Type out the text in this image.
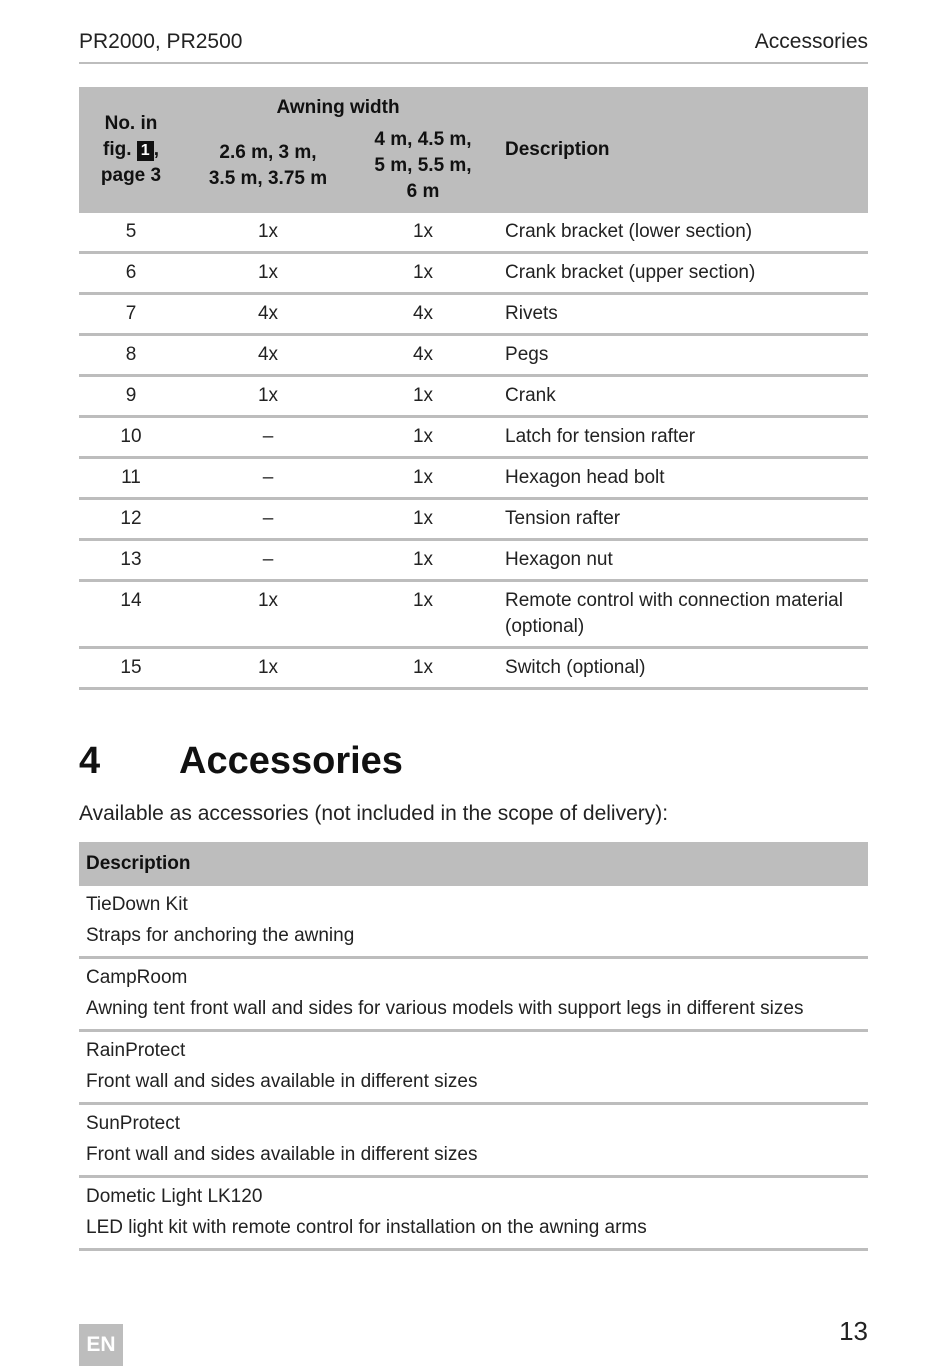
PR2000, PR2500	Accessories
No. in
fig. 1 ,
page 3	Awning width		Description
	2.6 m, 3 m, 3.5 m, 3.75 m	4 m, 4.5 m, 5 m, 5.5 m, 6 m	
5	1x	1x	Crank bracket (lower section)
6	1x	1x	Crank bracket (upper section)
7	4x	4x	Rivets
8	4x	4x	Pegs
9	1x	1x	Crank
10	–	1x	Latch for tension rafter
11	–	1x	Hexagon head bolt
12	–	1x	Tension rafter
13	–	1x	Hexagon nut
14	1x	1x	Remote control with connection material (optional)
15	1x	1x	Switch (optional)
4 Accessories
Available as accessories (not included in the scope of delivery):
Description

TieDown Kit
Straps for anchoring the awning

CampRoom
Awning tent front wall and sides for various models with support legs in different sizes

RainProtect
Front wall and sides available in different sizes

SunProtect
Front wall and sides available in different sizes

Dometic Light LK120
LED light kit with remote control for installation on the awning arms
EN	13
